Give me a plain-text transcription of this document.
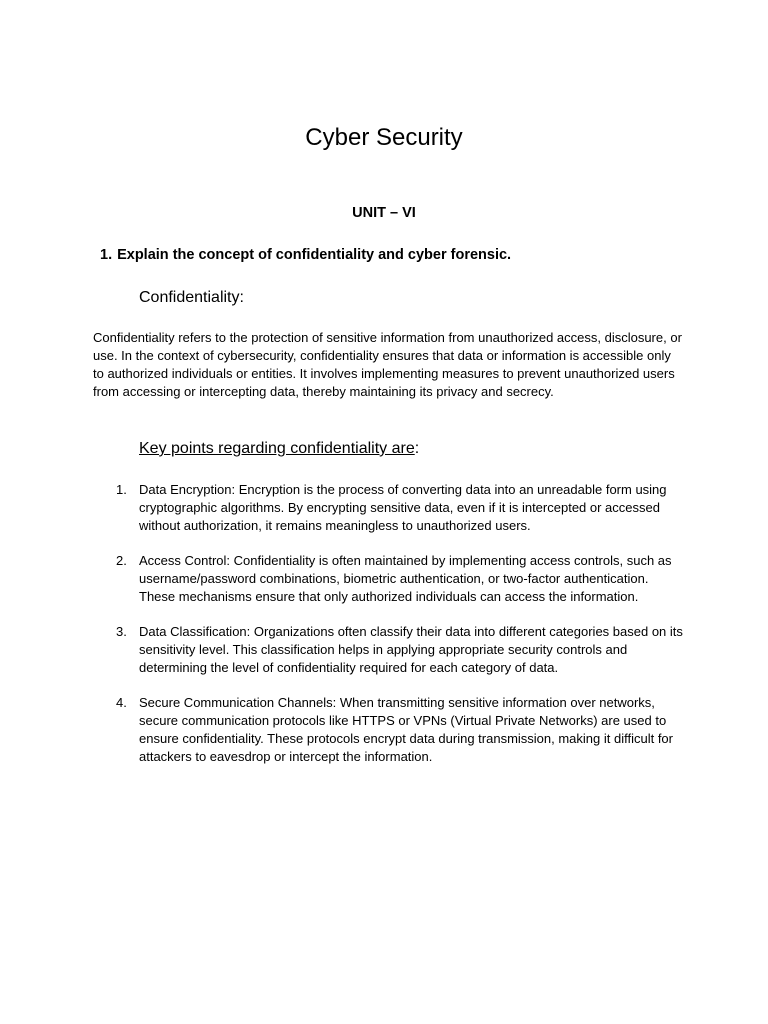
Cyber Security
UNIT – VI
1. Explain the concept of confidentiality and cyber forensic.
Confidentiality:

Confidentiality refers to the protection of sensitive information from unauthorized access, disclosure, or use. In the context of cybersecurity, confidentiality ensures that data or information is accessible only to authorized individuals or entities. It involves implementing measures to prevent unauthorized users from accessing or intercepting data, thereby maintaining its privacy and secrecy.

Key points regarding confidentiality are:
1. Data Encryption: Encryption is the process of converting data into an unreadable form using cryptographic algorithms. By encrypting sensitive data, even if it is intercepted or accessed without authorization, it remains meaningless to unauthorized users.
2. Access Control: Confidentiality is often maintained by implementing access controls, such as username/password combinations, biometric authentication, or two-factor authentication. These mechanisms ensure that only authorized individuals can access the information.
3. Data Classification: Organizations often classify their data into different categories based on its sensitivity level. This classification helps in applying appropriate security controls and determining the level of confidentiality required for each category of data.
4. Secure Communication Channels: When transmitting sensitive information over networks, secure communication protocols like HTTPS or VPNs (Virtual Private Networks) are used to ensure confidentiality. These protocols encrypt data during transmission, making it difficult for attackers to eavesdrop or intercept the information.
